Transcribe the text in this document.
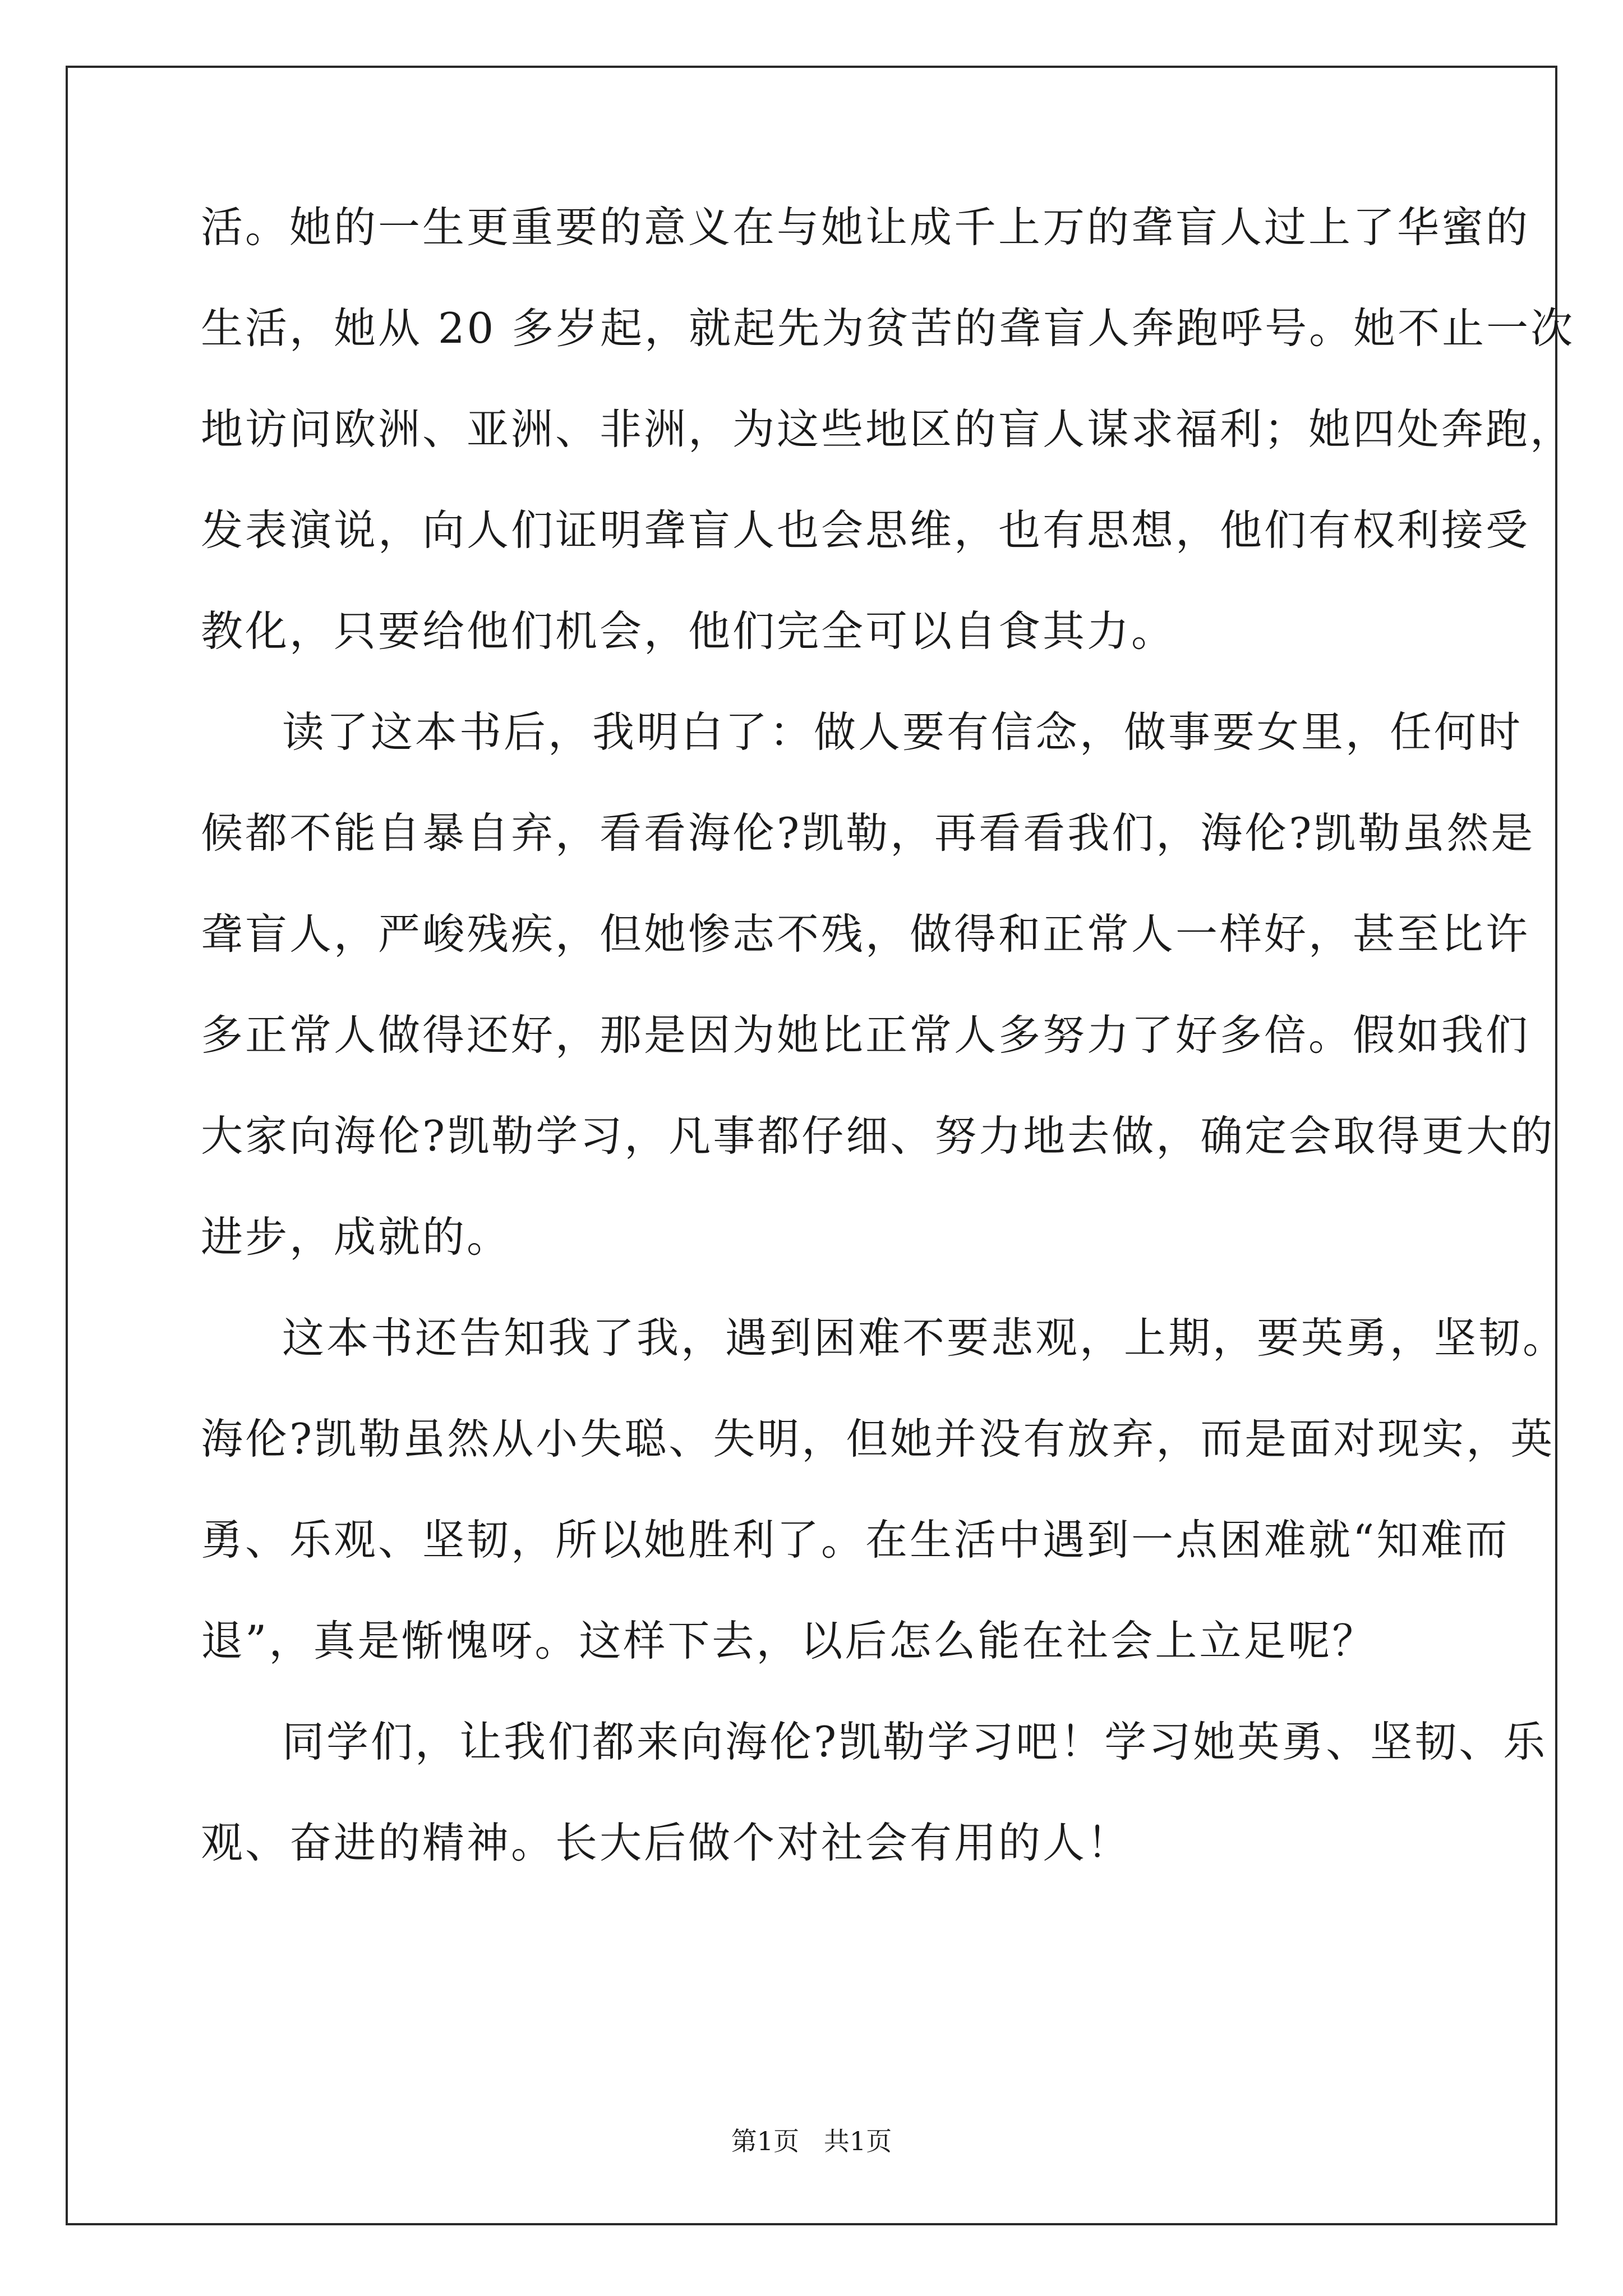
活。她的一生更重要的意义在与她让成千上万的聋盲人过上了华蜜的
生活，她从 20 多岁起，就起先为贫苦的聋盲人奔跑呼号。她不止一次
地访问欧洲、亚洲、非洲，为这些地区的盲人谋求福利；她四处奔跑，
发表演说，向人们证明聋盲人也会思维，也有思想，他们有权利接受
教化，只要给他们机会，他们完全可以自食其力。
读了这本书后，我明白了：做人要有信念，做事要女里，任何时
候都不能自暴自弃，看看海伦?凯勒，再看看我们，海伦?凯勒虽然是
聋盲人，严峻残疾，但她惨志不残，做得和正常人一样好，甚至比许
多正常人做得还好，那是因为她比正常人多努力了好多倍。假如我们
大家向海伦?凯勒学习，凡事都仔细、努力地去做，确定会取得更大的
进步，成就的。
这本书还告知我了我，遇到困难不要悲观，上期，要英勇，坚韧。
海伦?凯勒虽然从小失聪、失明，但她并没有放弃，而是面对现实，英
勇、乐观、坚韧，所以她胜利了。在生活中遇到一点困难就“知难而
退”，真是惭愧呀。这样下去，以后怎么能在社会上立足呢？
同学们，让我们都来向海伦?凯勒学习吧！学习她英勇、坚韧、乐
观、奋进的精神。长大后做个对社会有用的人！
第1页   共1页
